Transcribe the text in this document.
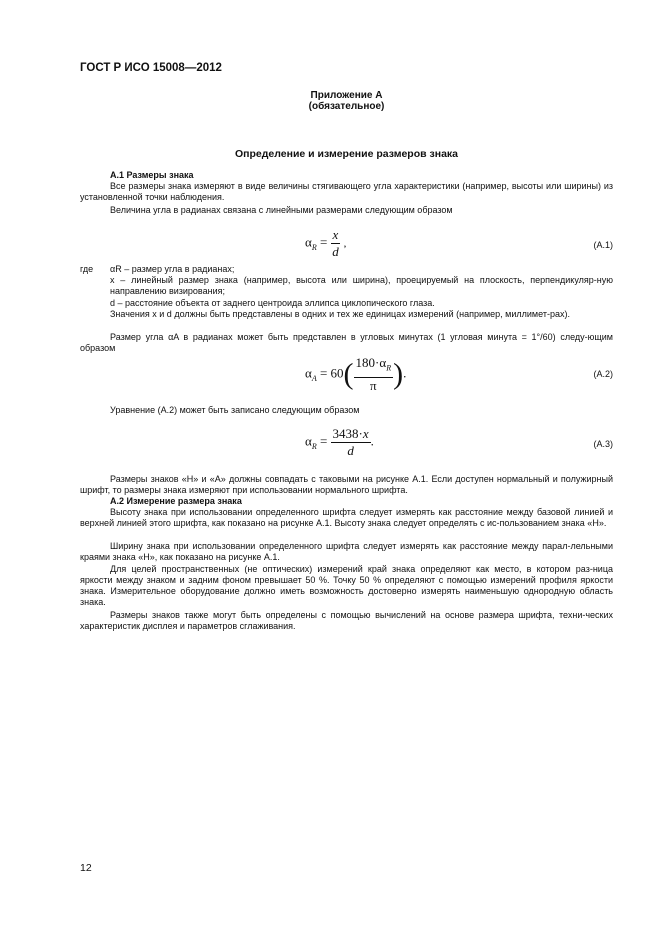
ГОСТ Р ИСО 15008—2012
Приложение А
(обязательное)
Определение и измерение размеров знака
А.1 Размеры знака
Все размеры знака измеряют в виде величины стягивающего угла характеристики (например, высоты или ширины) из установленной точки наблюдения.
Величина угла в радианах связана с линейными размерами следующим образом
$\alpha_R = \frac{x}{d}$ ,	(А.1)
где αR – размер угла в радианах;
x – линейный размер знака (например, высота или ширина), проецируемый на плоскость, перпендикуляр-ную направлению визирования;
d – расстояние объекта от заднего центроида эллипса циклопического глаза.
Значения x и d должны быть представлены в одних и тех же единицах измерений (например, миллимет-рах).
Размер угла αA в радианах может быть представлен в угловых минутах (1 угловая минута = 1°/60) следу-ющим образом
$\alpha_A = 60( \frac{180\cdot\alpha_R}{\pi}$ ).	(А.2)
Уравнение (А.2) может быть записано следующим образом
$\alpha_R = \frac{3438\cdot x}{d}$ .	(А.3)
Размеры знаков «Н» и «А» должны совпадать с таковыми на рисунке А.1. Если доступен нормальный и полужирный шрифт, то размеры знака измеряют при использовании нормального шрифта.
А.2 Измерение размера знака
Высоту знака при использовании определенного шрифта следует измерять как расстояние между базовой линией и верхней линией этого шрифта, как показано на рисунке А.1. Высоту знака следует определять с ис-пользованием знака «Н».
Ширину знака при использовании определенного шрифта следует измерять как расстояние между парал-лельными краями знака «Н», как показано на рисунке А.1.
Для целей пространственных (не оптических) измерений край знака определяют как место, в котором раз-ница яркости между знаком и задним фоном превышает 50 %. Точку 50 % определяют с помощью измерений профиля яркости знака. Измерительное оборудование должно иметь возможность достоверно измерять наименьшую однородную область знака.
Размеры знаков также могут быть определены с помощью вычислений на основе размера шрифта, техни-ческих характеристик дисплея и параметров сглаживания.
12
